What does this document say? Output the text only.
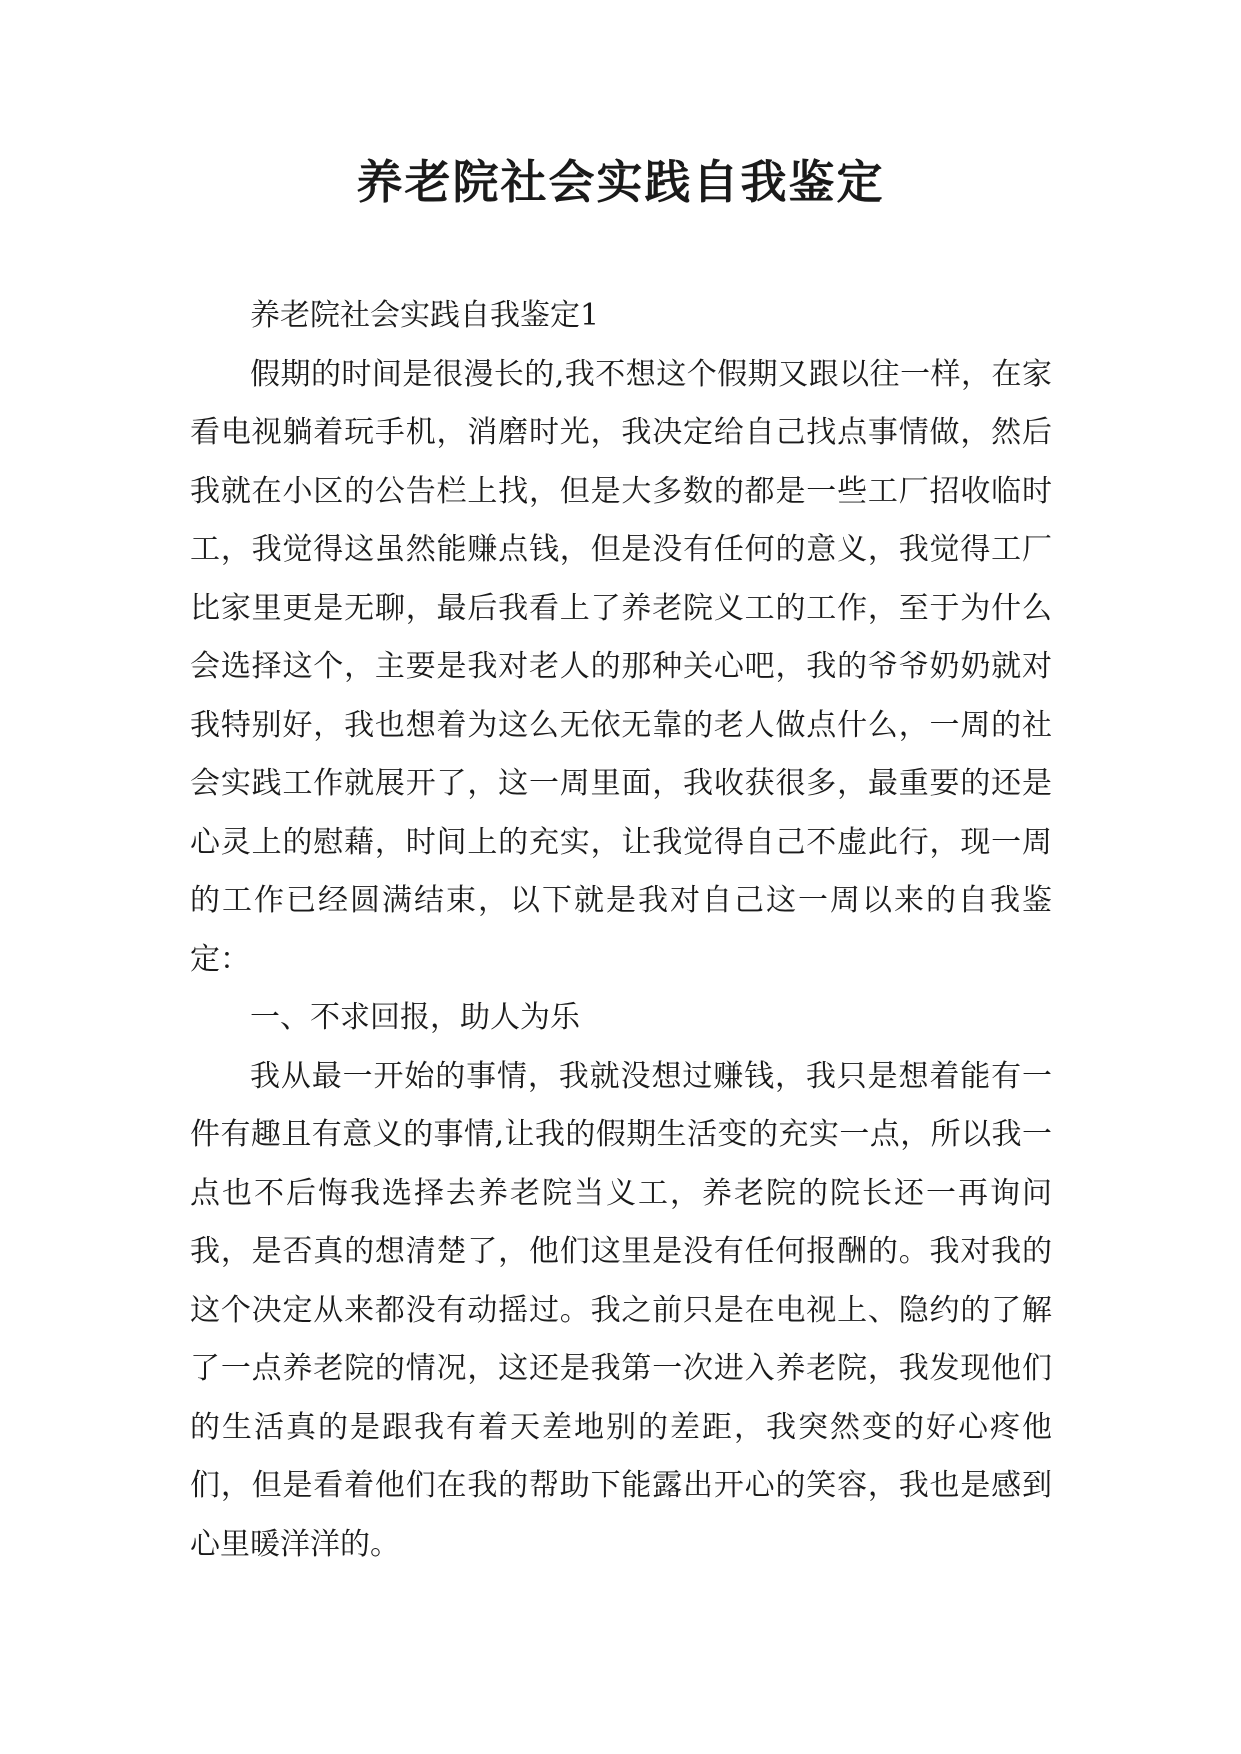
养老院社会实践自我鉴定

养老院社会实践自我鉴定1

假期的时间是很漫长的,我不想这个假期又跟以往一样，在家看电视躺着玩手机，消磨时光，我决定给自己找点事情做，然后我就在小区的公告栏上找，但是大多数的都是一些工厂招收临时工，我觉得这虽然能赚点钱，但是没有任何的意义，我觉得工厂比家里更是无聊，最后我看上了养老院义工的工作，至于为什么会选择这个，主要是我对老人的那种关心吧，我的爷爷奶奶就对我特别好，我也想着为这么无依无靠的老人做点什么，一周的社会实践工作就展开了，这一周里面，我收获很多，最重要的还是心灵上的慰藉，时间上的充实，让我觉得自己不虚此行，现一周的工作已经圆满结束，以下就是我对自己这一周以来的自我鉴定：

一、不求回报，助人为乐

我从最一开始的事情，我就没想过赚钱，我只是想着能有一件有趣且有意义的事情,让我的假期生活变的充实一点，所以我一点也不后悔我选择去养老院当义工，养老院的院长还一再询问我，是否真的想清楚了，他们这里是没有任何报酬的。我对我的这个决定从来都没有动摇过。我之前只是在电视上、隐约的了解了一点养老院的情况，这还是我第一次进入养老院，我发现他们的生活真的是跟我有着天差地别的差距，我突然变的好心疼他们，但是看着他们在我的帮助下能露出开心的笑容，我也是感到心里暖洋洋的。
